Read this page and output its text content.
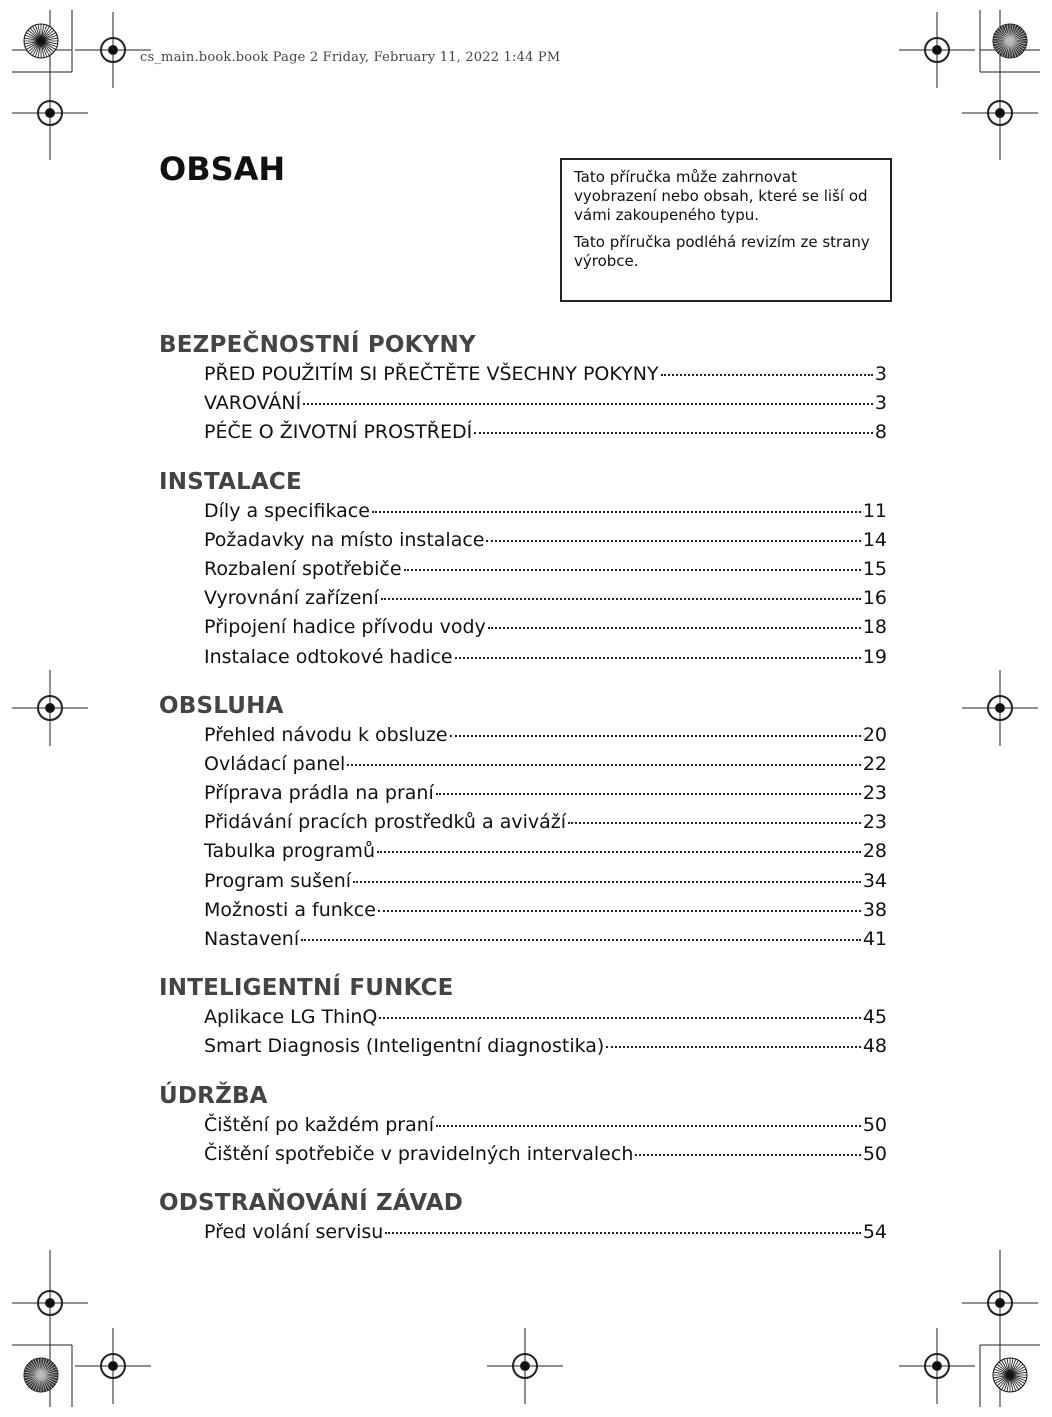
cs_main.book.book Page 2 Friday, February 11, 2022 1:44 PM
OBSAH	Tato příručka může zahrnovat vyobrazení nebo obsah, které se liší od vámi zakoupeného typu.

Tato příručka podléhá revizím ze strany výrobce.

BEZPEČNOSTNÍ POKYNY
PŘED POUŽITÍM SI PŘEČTĚTE VŠECHNY POKYNY	3
VAROVÁNÍ	3
PÉČE O ŽIVOTNÍ PROSTŘEDÍ	8
INSTALACE
Díly a specifikace	11
Požadavky na místo instalace	14
Rozbalení spotřebiče	15
Vyrovnání zařízení	16
Připojení hadice přívodu vody	18
Instalace odtokové hadice	19
OBSLUHA
Přehled návodu k obsluze	20
Ovládací panel	22
Příprava prádla na praní	23
Přidávání pracích prostředků a aviváží	23
Tabulka programů	28
Program sušení	34
Možnosti a funkce	38
Nastavení	41
INTELIGENTNÍ FUNKCE
Aplikace LG ThinQ	45
Smart Diagnosis (Inteligentní diagnostika)	48
ÚDRŽBA
Čištění po každém praní	50
Čištění spotřebiče v pravidelných intervalech	50
ODSTRAŇOVÁNÍ ZÁVAD
Před volání servisu	54
